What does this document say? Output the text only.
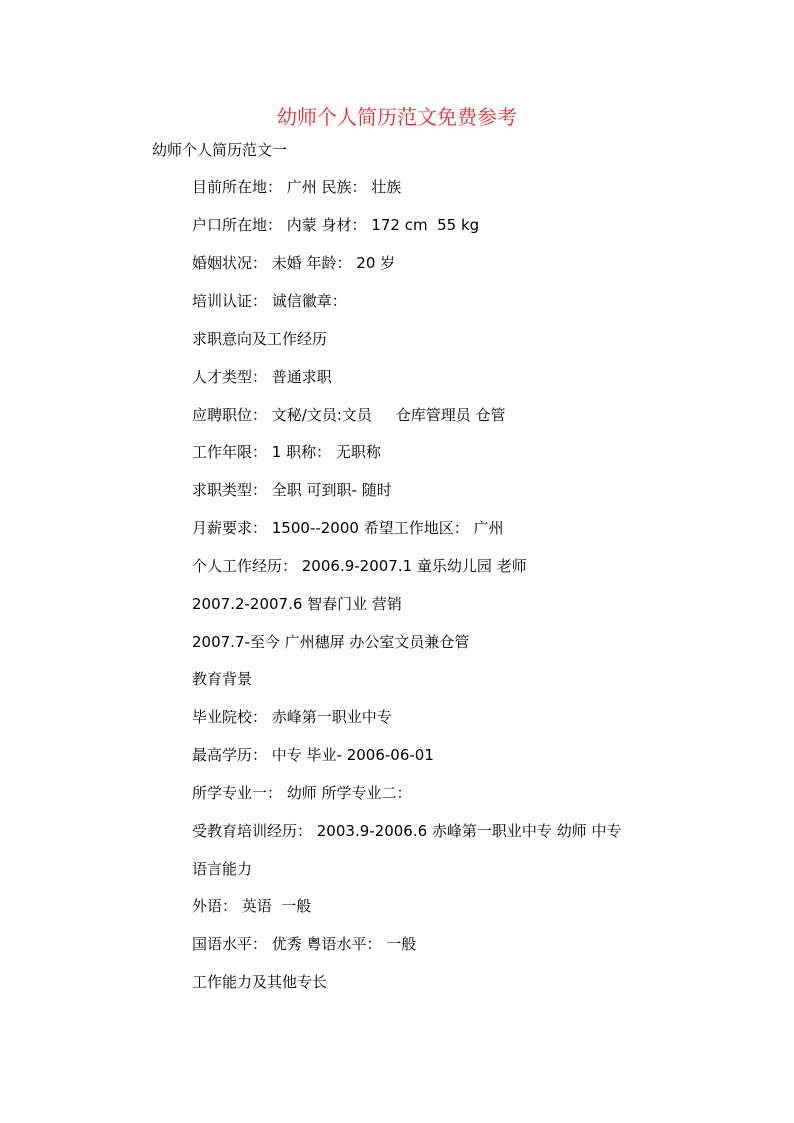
幼师个人简历范文免费参考
幼师个人简历范文一
目前所在地： 广州 民族： 壮族
户口所在地： 内蒙 身材： 172 cm  55 kg
婚姻状况： 未婚 年龄： 20 岁
培训认证： 诚信徽章：
求职意向及工作经历
人才类型： 普通求职
应聘职位： 文秘/文员:文员     仓库管理员 仓管
工作年限： 1 职称： 无职称
求职类型： 全职 可到职- 随时
月薪要求： 1500--2000 希望工作地区： 广州
个人工作经历： 2006.9-2007.1 童乐幼儿园 老师
2007.2-2007.6 智春门业 营销
2007.7-至今 广州穗屏 办公室文员兼仓管
教育背景
毕业院校： 赤峰第一职业中专
最高学历： 中专 毕业- 2006-06-01
所学专业一： 幼师 所学专业二：
受教育培训经历： 2003.9-2006.6 赤峰第一职业中专 幼师 中专
语言能力
外语： 英语  一般
国语水平： 优秀 粤语水平： 一般
工作能力及其他专长
